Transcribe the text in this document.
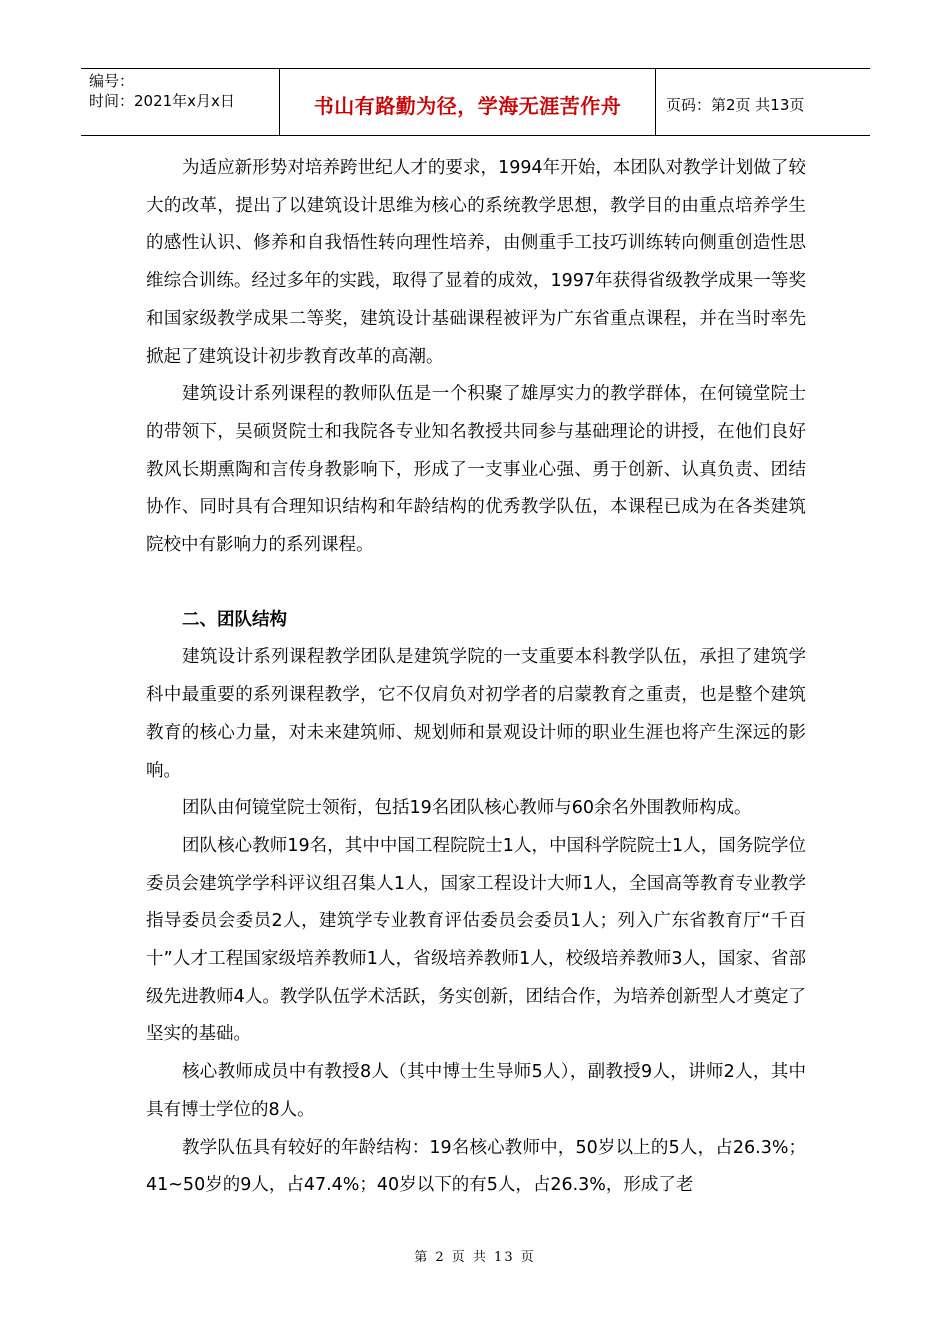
编号：
时间：2021年x月x日	书山有路勤为径，学海无涯苦作舟	页码：第2页 共13页

为适应新形势对培养跨世纪人才的要求，1994年开始，本团队对教学计划做了较大的改革，提出了以建筑设计思维为核心的系统教学思想，教学目的由重点培养学生的感性认识、修养和自我悟性转向理性培养，由侧重手工技巧训练转向侧重创造性思维综合训练。经过多年的实践，取得了显着的成效，1997年获得省级教学成果一等奖和国家级教学成果二等奖，建筑设计基础课程被评为广东省重点课程，并在当时率先掀起了建筑设计初步教育改革的高潮。

建筑设计系列课程的教师队伍是一个积聚了雄厚实力的教学群体，在何镜堂院士的带领下，吴硕贤院士和我院各专业知名教授共同参与基础理论的讲授，在他们良好教风长期熏陶和言传身教影响下，形成了一支事业心强、勇于创新、认真负责、团结协作、同时具有合理知识结构和年龄结构的优秀教学队伍，本课程已成为在各类建筑院校中有影响力的系列课程。

二、团队结构

建筑设计系列课程教学团队是建筑学院的一支重要本科教学队伍，承担了建筑学科中最重要的系列课程教学，它不仅肩负对初学者的启蒙教育之重责，也是整个建筑教育的核心力量，对未来建筑师、规划师和景观设计师的职业生涯也将产生深远的影响。

团队由何镜堂院士领衔，包括19名团队核心教师与60余名外围教师构成。

团队核心教师19名，其中中国工程院院士1人，中国科学院院士1人，国务院学位委员会建筑学学科评议组召集人1人，国家工程设计大师1人，全国高等教育专业教学指导委员会委员2人，建筑学专业教育评估委员会委员1人；列入广东省教育厅“千百十”人才工程国家级培养教师1人，省级培养教师1人，校级培养教师3人，国家、省部级先进教师4人。教学队伍学术活跃，务实创新，团结合作，为培养创新型人才奠定了坚实的基础。

核心教师成员中有教授8人（其中博士生导师5人），副教授9人，讲师2人，其中具有博士学位的8人。

教学队伍具有较好的年龄结构：19名核心教师中，50岁以上的5人，占26.3%；41~50岁的9人，占47.4%；40岁以下的有5人，占26.3%，形成了老

第 2 页 共 13 页
